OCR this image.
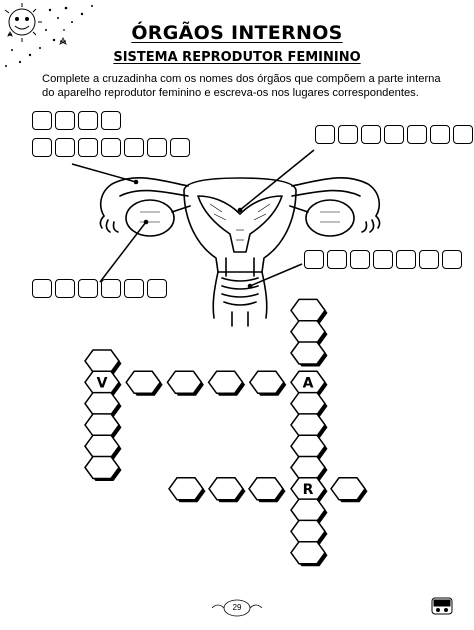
ÓRGÃOS INTERNOS
SISTEMA REPRODUTOR FEMININO
Complete a cruzadinha com os nomes dos órgãos que compõem a parte interna
do aparelho reprodutor feminino e escreva-os nos lugares correspondentes.
V	A
R
29
